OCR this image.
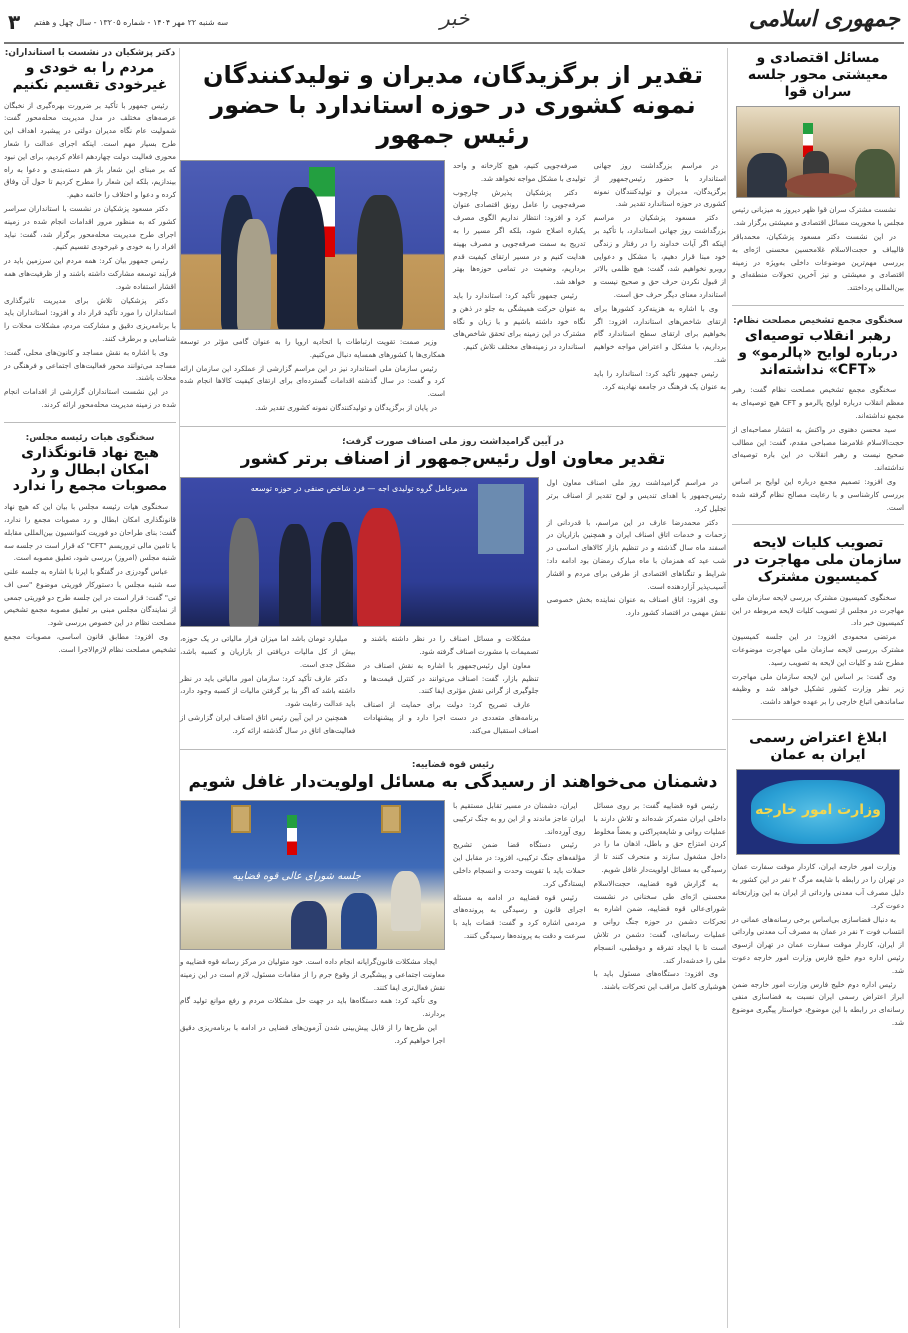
جمهوری اسلامی
خبر
سه شنبه ۲۲ مهر ۱۴۰۴ - شماره ۱۳۲۰۵ - سال چهل و هفتم
۳
مسائل اقتصادی و معیشتی محور جلسه سران قوا

نشست مشترک سران قوا ظهر دیروز به میزبانی رئیس مجلس با محوریت مسائل اقتصادی و معیشتی برگزار شد.

در این نشست دکتر مسعود پزشکیان، محمدباقر قالیباف و حجت‌الاسلام غلامحسین محسنی اژه‌ای به بررسی مهم‌ترین موضوعات داخلی به‌ویژه در زمینه اقتصادی و معیشتی و نیز آخرین تحولات منطقه‌ای و بین‌المللی پرداختند.

سخنگوی مجمع تشخیص مصلحت نظام:
رهبر انقلاب توصیه‌ای درباره لوایح «پالرمو» و «CFT» نداشته‌اند

سخنگوی مجمع تشخیص مصلحت نظام گفت: رهبر معظم انقلاب درباره لوایح پالرمو و CFT هیچ توصیه‌ای به مجمع نداشته‌اند.

سید محسن دهنوی در واکنش به انتشار مصاحبه‌ای از حجت‌الاسلام غلامرضا مصباحی مقدم، گفت: این مطالب صحیح نیست و رهبر انقلاب در این باره توصیه‌ای نداشته‌اند.

وی افزود: تصمیم مجمع درباره این لوایح بر اساس بررسی کارشناسی و با رعایت مصالح نظام گرفته شده است.

تصویب کلیات لایحه سازمان ملی مهاجرت در کمیسیون مشترک

سخنگوی کمیسیون مشترک بررسی لایحه سازمان ملی مهاجرت در مجلس از تصویب کلیات لایحه مربوطه در این کمیسیون خبر داد.

مرتضی محمودی افزود: در این جلسه کمیسیون مشترک بررسی لایحه سازمان ملی مهاجرت موضوعات مطرح شد و کلیات این لایحه به تصویب رسید.

وی گفت: بر اساس این لایحه سازمان ملی مهاجرت زیر نظر وزارت کشور تشکیل خواهد شد و وظیفه ساماندهی اتباع خارجی را بر عهده خواهد داشت.

ابلاغ اعتراض رسمی ایران به عمان
وزارت امور خارجه

وزارت امور خارجه ایران، کاردار موقت سفارت عمان در تهران را در رابطه با شایعه مرگ ۲ نفر در این کشور به دلیل مصرف آب معدنی وارداتی از ایران به این وزارتخانه دعوت کرد.

به دنبال فضاسازی بی‌اساس برخی رسانه‌های عمانی در انتساب فوت ۲ نفر در عمان به مصرف آب معدنی وارداتی از ایران، کاردار موقت سفارت عمان در تهران ازسوی رئیس اداره دوم خلیج فارس وزارت امور خارجه دعوت شد.

رئیس اداره دوم خلیج فارس وزارت امور خارجه ضمن ابراز اعتراض رسمی ایران نسبت به فضاسازی منفی رسانه‌ای در رابطه با این موضوع، خواستار پیگیری موضوع شد.

تقدیر از برگزیدگان، مدیران و تولیدکنندگان نمونه کشوری در حوزه استاندارد با حضور رئیس جمهور

در مراسم بزرگداشت روز جهانی استاندارد با حضور رئیس‌جمهور از برگزیدگان، مدیران و تولیدکنندگان نمونه کشوری در حوزه استاندارد تقدیر شد.

دکتر مسعود پزشکیان در مراسم بزرگداشت روز جهانی استاندارد، با تأکید بر اینکه اگر آیات خداوند را در رفتار و زندگی خود مبنا قرار دهیم، با مشکل و دعوایی روبرو نخواهیم شد، گفت: هیچ ظلمی بالاتر از قبول نکردن حرف حق و صحیح نیست و استاندارد معنای دیگر حرف حق است.

وی با اشاره به هزینه‌کرد کشورها برای ارتقای شاخص‌های استاندارد، افزود: اگر بخواهیم برای ارتقای سطح استاندارد گام برداریم، با مشکل و اعتراض مواجه خواهیم شد.

رئیس جمهور تأکید کرد: استاندارد را باید به عنوان یک فرهنگ در جامعه نهادینه کرد.

صرفه‌جویی کنیم، هیچ کارخانه و واحد تولیدی با مشکل مواجه نخواهد شد.

دکتر پزشکیان پذیرش چارچوب صرفه‌جویی را عامل رونق اقتصادی عنوان کرد و افزود: انتظار نداریم الگوی مصرف یکباره اصلاح شود، بلکه اگر مسیر را به تدریج به سمت صرفه‌جویی و مصرف بهینه هدایت کنیم و در مسیر ارتقای کیفیت قدم برداریم، وضعیت در تمامی حوزه‌ها بهتر خواهد شد.

رئیس جمهور تأکید کرد: استاندارد را باید به عنوان حرکت همیشگی به جلو در ذهن و نگاه خود داشته باشیم و با زبان و نگاه مشترک در این زمینه برای تحقق شاخص‌های استاندارد در زمینه‌های مختلف تلاش کنیم.

وزیر صمت: تقویت ارتباطات با اتحادیه اروپا را به عنوان گامی مؤثر در توسعه همکاری‌ها با کشورهای همسایه دنبال می‌کنیم.

رئیس سازمان ملی استاندارد نیز در این مراسم گزارشی از عملکرد این سازمان ارائه کرد و گفت: در سال گذشته اقدامات گسترده‌ای برای ارتقای کیفیت کالاها انجام شده است.

در پایان از برگزیدگان و تولیدکنندگان نمونه کشوری تقدیر شد.

در آیین گرامیداشت روز ملی اصناف صورت گرفت؛
تقدیر معاون اول رئیس‌جمهور از اصناف برتر کشور

در مراسم گرامیداشت روز ملی اصناف معاون اول رئیس‌جمهور با اهدای تندیس و لوح تقدیر از اصناف برتر تجلیل کرد.

دکتر محمدرضا عارف در این مراسم، با قدردانی از زحمات و خدمات اتاق اصناف ایران و همچنین بازاریان در اسفند ماه سال گذشته و در تنظیم بازار کالاهای اساسی در شب عید که همزمان با ماه مبارک رمضان بود ادامه داد: شرایط و تنگناهای اقتصادی از طرفی برای مردم و اقشار آسیب‌پذیر آزاردهنده است.

وی افزود: اتاق اصناف به عنوان نماینده بخش خصوصی نقش مهمی در اقتصاد کشور دارد.

مدیرعامل گروه تولیدی اجه — فرد شاخص صنفی در حوزه توسعه

مشکلات و مسائل اصناف را در نظر داشته باشند و تصمیمات با مشورت اصناف گرفته شود.

معاون اول رئیس‌جمهور با اشاره به نقش اصناف در تنظیم بازار، گفت: اصناف می‌توانند در کنترل قیمت‌ها و جلوگیری از گرانی نقش مؤثری ایفا کنند.

عارف تصریح کرد: دولت برای حمایت از اصناف برنامه‌های متعددی در دست اجرا دارد و از پیشنهادات اصناف استقبال می‌کند.

میلیارد تومان باشد اما میزان فرار مالیاتی در یک حوزه، بیش از کل مالیات دریافتی از بازاریان و کسبه باشد، مشکل جدی است.

دکتر عارف تأکید کرد: سازمان امور مالیاتی باید در نظر داشته باشد که اگر بنا بر گرفتن مالیات از کسبه وجود دارد، باید عدالت رعایت شود.

همچنین در این آیین رئیس اتاق اصناف ایران گزارشی از فعالیت‌های اتاق در سال گذشته ارائه کرد.

رئیس قوه قضاییه:
دشمنان می‌خواهند از رسیدگی به مسائل اولویت‌دار غافل شویم

رئیس قوه قضاییه گفت: بر روی مسائل داخلی ایران متمرکز شده‌اند و تلاش دارند با عملیات روانی و شایعه‌پراکنی و بعضاً مخلوط کردن امتزاج حق و باطل، اذهان ما را در داخل مشغول سازند و منحرف کنند تا از رسیدگی به مسائل اولویت‌دار غافل شویم.

به گزارش قوه قضاییه، حجت‌الاسلام محسنی اژه‌ای طی سخنانی در نشست شورای‌عالی قوه قضاییه، ضمن اشاره به تحرکات دشمن در حوزه جنگ روانی و عملیات رسانه‌ای، گفت: دشمن در تلاش است تا با ایجاد تفرقه و دوقطبی، انسجام ملی را خدشه‌دار کند.

وی افزود: دستگاه‌های مسئول باید با هوشیاری کامل مراقب این تحرکات باشند.

ایران، دشمنان در مسیر تقابل مستقیم با ایران عاجز ماندند و از این رو به جنگ ترکیبی روی آورده‌اند.

رئیس دستگاه قضا ضمن تشریح مؤلفه‌های جنگ ترکیبی، افزود: در مقابل این حملات باید با تقویت وحدت و انسجام داخلی ایستادگی کرد.

رئیس قوه قضاییه در ادامه به مسئله اجرای قانون و رسیدگی به پرونده‌های مردمی اشاره کرد و گفت: قضات باید با سرعت و دقت به پرونده‌ها رسیدگی کنند.

جلسه شورای عالی قوه قضاییه

ایجاد مشکلات قانون‌گرایانه انجام داده است. خود متولیان در مرکز رسانه قوه قضاییه و معاونت اجتماعی و پیشگیری از وقوع جرم را از مقامات مسئول، لازم است در این زمینه نقش فعال‌تری ایفا کنند.

وی تأکید کرد: همه دستگاه‌ها باید در جهت حل مشکلات مردم و رفع موانع تولید گام بردارند.

این طرح‌ها را از قابل پیش‌بینی شدن آزمون‌های قضایی در ادامه با برنامه‌ریزی دقیق اجرا خواهیم کرد.

دکتر پزشکیان در نشست با استانداران:
مردم را به خودی و غیرخودی تقسیم نکنیم

رئیس جمهور با تأکید بر ضرورت بهره‌گیری از نخبگان عرصه‌های مختلف در مدل مدیریت محله‌محور گفت: شمولیت عام نگاه مدیران دولتی در پیشبرد اهداف این طرح بسیار مهم است. اینکه اجرای عدالت را شعار محوری فعالیت دولت چهاردهم اعلام کردیم، برای این نبود که بر مبنای این شعار باز هم دسته‌بندی و دعوا به راه بیندازیم، بلکه این شعار را مطرح کردیم تا حول آن وفاق کرده و دعوا و اختلاف را خاتمه دهیم.

دکتر مسعود پزشکیان در نشست با استانداران سراسر کشور که به منظور مرور اقدامات انجام شده در زمینه اجرای طرح مدیریت محله‌محور برگزار شد، گفت: نباید افراد را به خودی و غیرخودی تقسیم کنیم.

رئیس جمهور بیان کرد: همه مردم این سرزمین باید در فرآیند توسعه مشارکت داشته باشند و از ظرفیت‌های همه اقشار استفاده شود.

دکتر پزشکیان تلاش برای مدیریت تاثیرگذاری استانداران را مورد تأکید قرار داد و افزود: استانداران باید با برنامه‌ریزی دقیق و مشارکت مردم، مشکلات محلات را شناسایی و برطرف کنند.

وی با اشاره به نقش مساجد و کانون‌های محلی، گفت: مساجد می‌توانند محور فعالیت‌های اجتماعی و فرهنگی در محلات باشند.

در این نشست استانداران گزارشی از اقدامات انجام شده در زمینه مدیریت محله‌محور ارائه کردند.

سخنگوی هیات رئیسه مجلس:
هیچ نهاد قانونگذاری امکان ابطال و رد مصوبات مجمع را ندارد

سخنگوی هیات رئیسه مجلس با بیان این که هیچ نهاد قانونگذاری امکان ابطال و رد مصوبات مجمع را ندارد، گفت: بنای طراحان دو فوریت کنوانسیون بین‌المللی مقابله با تامین مالی تروریسم "CFT" که قرار است در جلسه سه شنبه مجلس (امروز) بررسی شود، تعلیق مصوبه است.

عباس گودرزی در گفتگو با ایرنا با اشاره به جلسه علنی سه شنبه مجلس با دستورکار فوریتی موضوع "سی اف تی" گفت: قرار است در این جلسه طرح دو فوریتی جمعی از نمایندگان مجلس مبنی بر تعلیق مصوبه مجمع تشخیص مصلحت نظام در این خصوص بررسی شود.

وی افزود: مطابق قانون اساسی، مصوبات مجمع تشخیص مصلحت نظام لازم‌الاجرا است.
